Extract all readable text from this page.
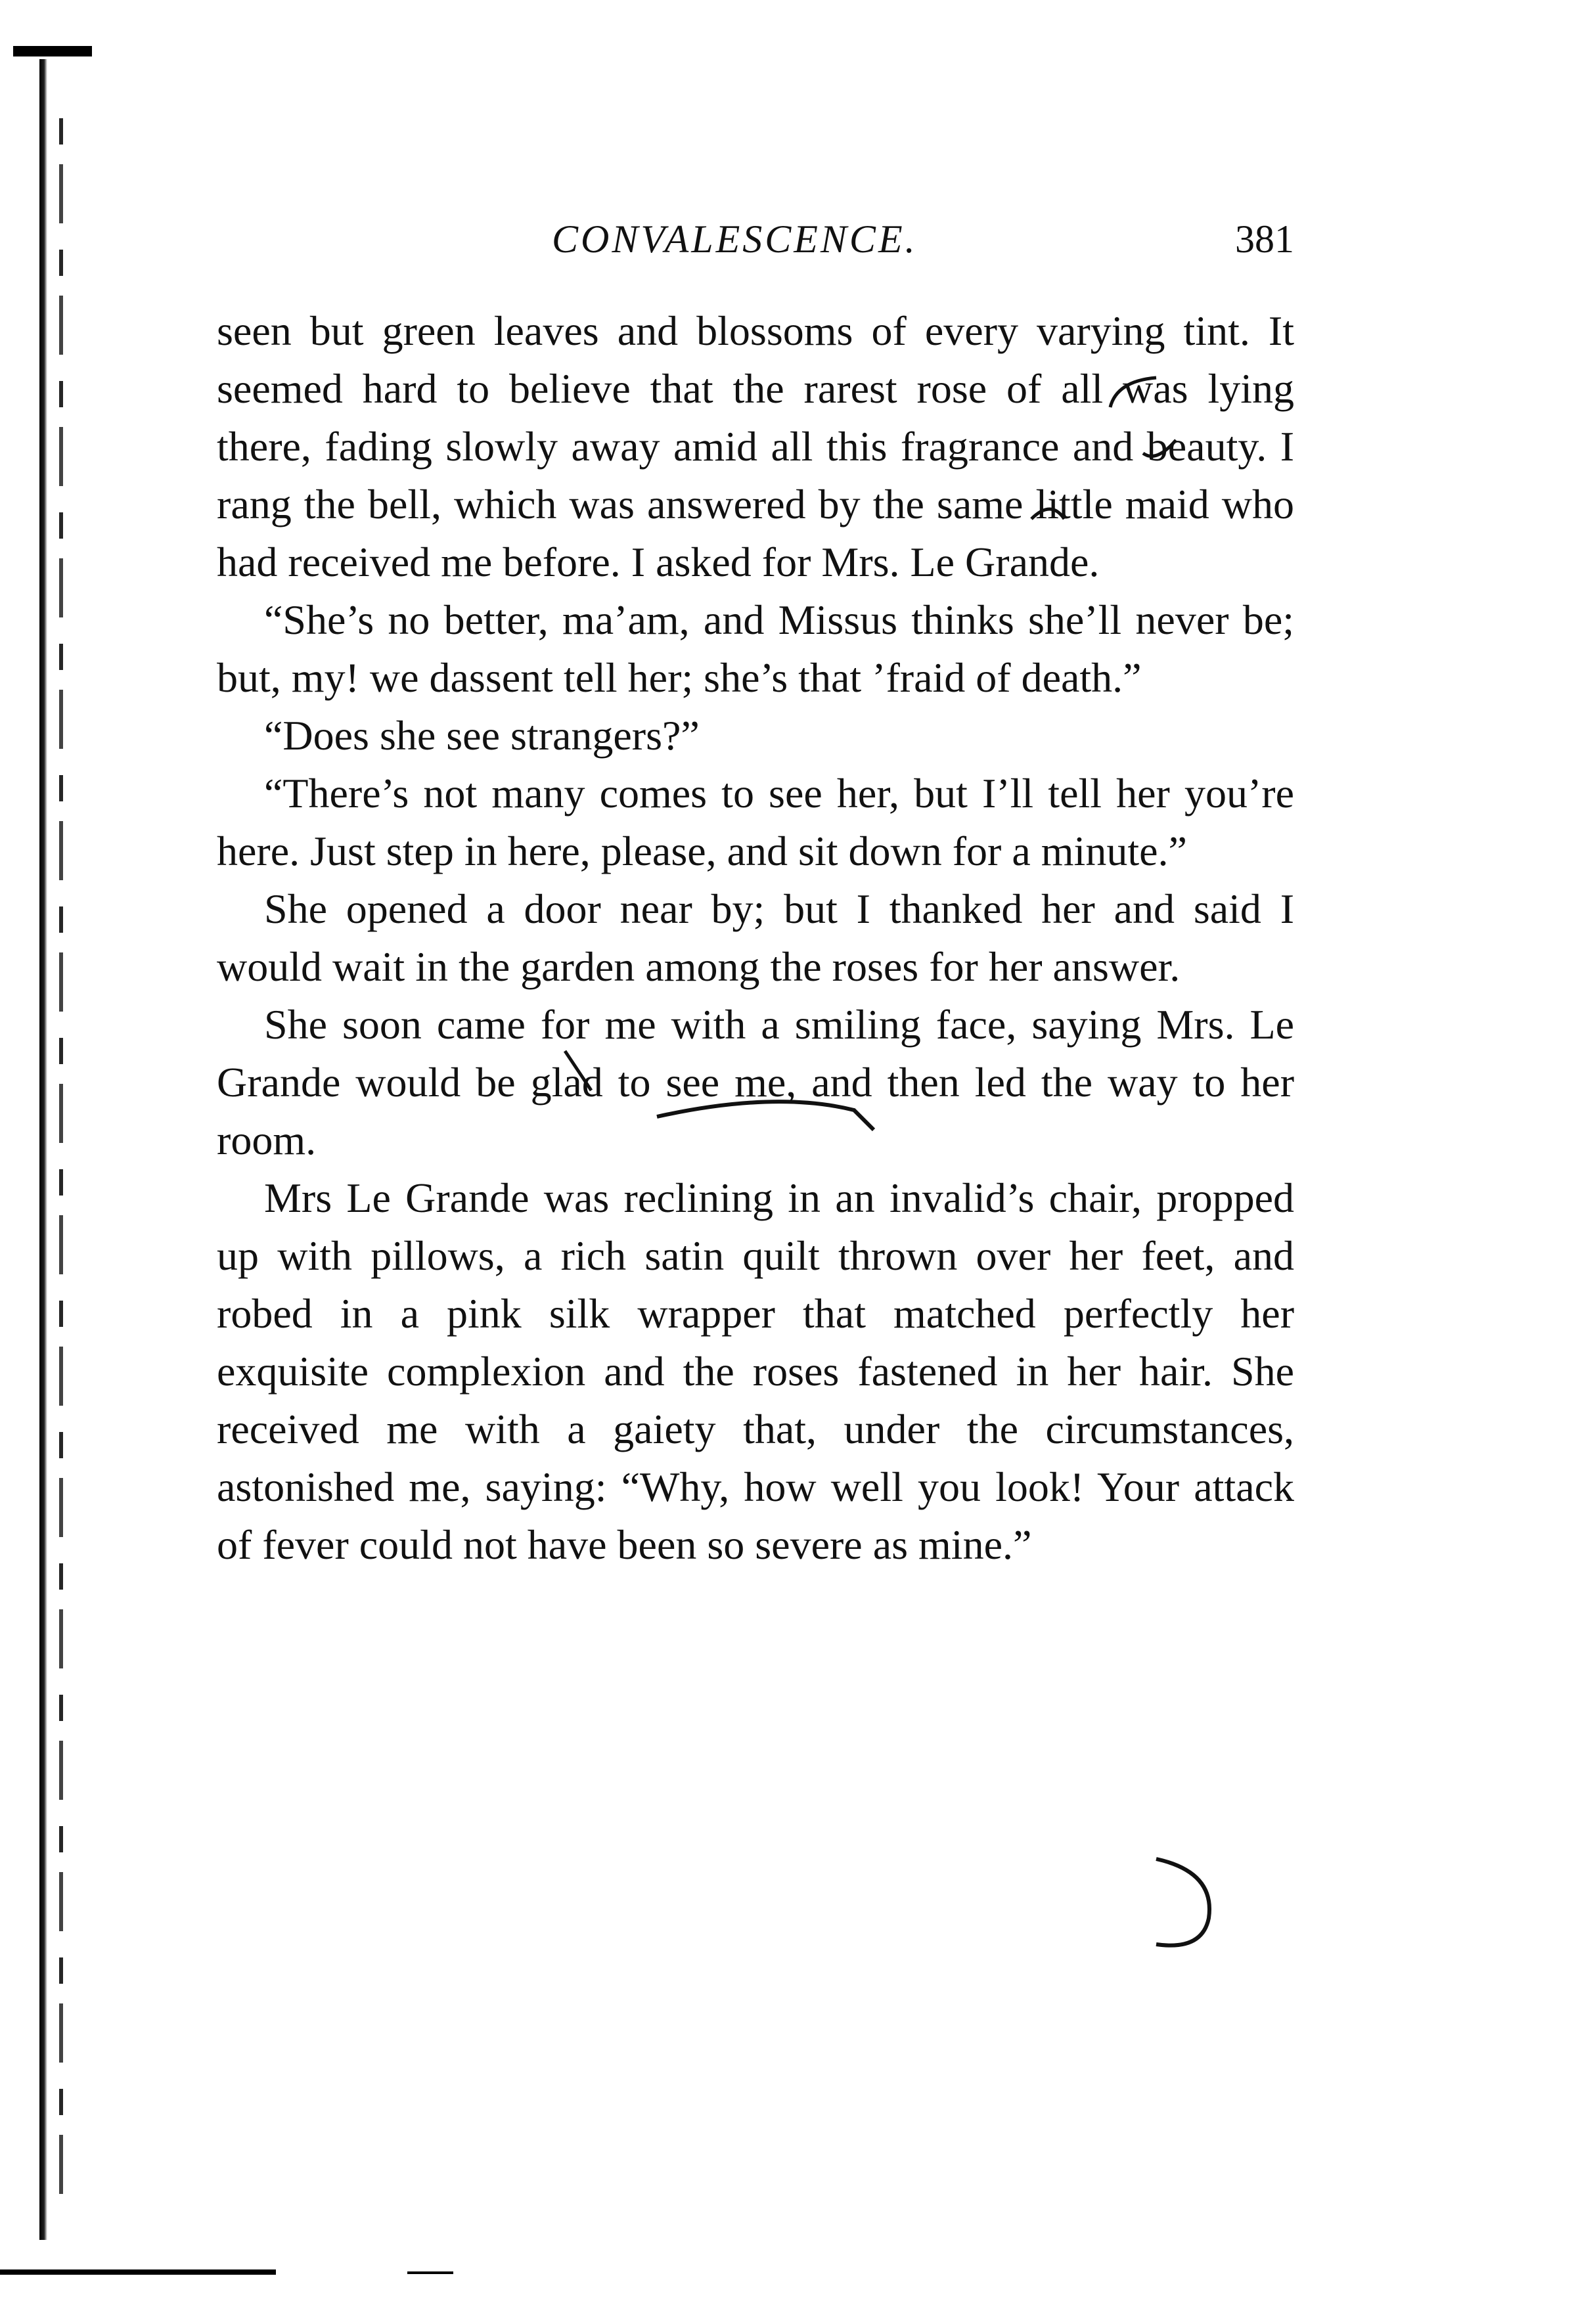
CONVALESCENCE.	381

seen but green leaves and blossoms of every varying tint. It seemed hard to believe that the rarest rose of all was lying there, fading slowly away amid all this fragrance and beauty. I rang the bell, which was answered by the same little maid who had received me before. I asked for Mrs. Le Grande.

“She’s no better, ma’am, and Missus thinks she’ll never be; but, my! we dassent tell her; she’s that ’fraid of death.”

“Does she see strangers?”

“There’s not many comes to see her, but I’ll tell her you’re here. Just step in here, please, and sit down for a minute.”

She opened a door near by; but I thanked her and said I would wait in the garden among the roses for her answer.

She soon came for me with a smiling face, saying Mrs. Le Grande would be glad to see me, and then led the way to her room.

Mrs Le Grande was reclining in an invalid’s chair, propped up with pillows, a rich satin quilt thrown over her feet, and robed in a pink silk wrapper that matched perfectly her exquisite complexion and the roses fastened in her hair. She received me with a gaiety that, under the circumstances, astonished me, saying: “Why, how well you look! Your attack of fever could not have been so severe as mine.”
